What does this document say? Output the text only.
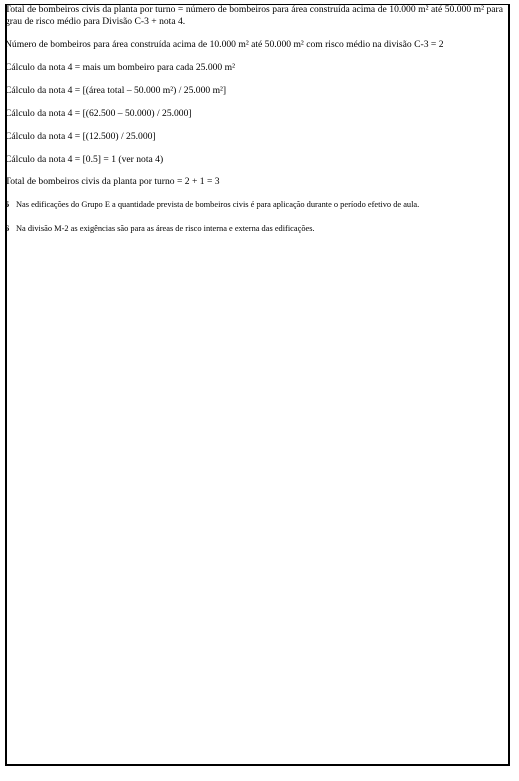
Total de bombeiros civis da planta por turno = número de bombeiros para área construída acima de 10.000 m² até 50.000 m² para grau de risco médio para Divisão C-3 + nota 4.

Número de bombeiros para área construída acima de 10.000 m² até 50.000 m² com risco médio na divisão C-3 = 2

Cálculo da nota 4 = mais um bombeiro para cada 25.000 m²

Cálculo da nota 4 = [(área total – 50.000 m²) / 25.000 m²]

Cálculo da nota 4 = [(62.500 – 50.000) / 25.000]

Cálculo da nota 4 = [(12.500) / 25.000]

Cálculo da nota 4 = [0.5] = 1 (ver nota 4)

Total de bombeiros civis da planta por turno = 2 + 1 = 3

5 Nas edificações do Grupo E a quantidade prevista de bombeiros civis é para aplicação durante o período efetivo de aula.
6 Na divisão M-2 as exigências são para as áreas de risco interna e externa das edificações.
